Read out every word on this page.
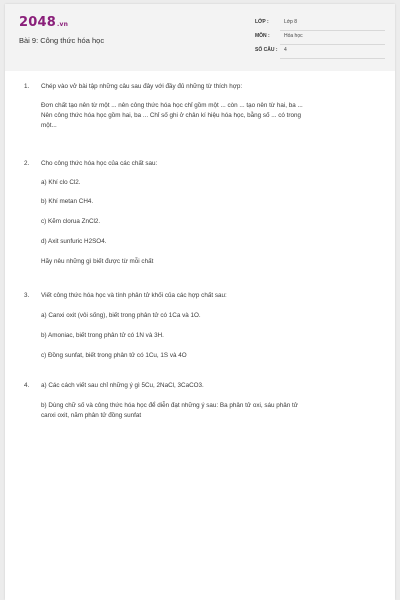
2048.vn
Bài 9: Công thức hóa học
LỚP :	Lớp 8
MÔN :	Hóa học
SỐ CÂU : 4
1. Chép vào vở bài tập những câu sau đây với đầy đủ những từ thích hợp:
Đơn chất tạo nên từ một ... nên công thức hóa học chỉ gồm một ... còn ... tạo nên từ hai, ba ...
Nên công thức hóa học gồm hai, ba ... Chỉ số ghi ở chân kí hiệu hóa học, bằng số ... có trong
một...
2. Cho công thức hóa học của các chất sau:
a) Khí clo Cl2.
b) Khí metan CH4.
c) Kẽm clorua ZnCl2.
d) Axit sunfuric H2SO4.
Hãy nêu những gì biết được từ mỗi chất
3. Viết công thức hóa học và tính phân tử khối của các hợp chất sau:
a) Canxi oxit (vôi sống), biết trong phân tử có 1Ca và 1O.
b) Amoniac, biết trong phân tử có 1N và 3H.
c) Đồng sunfat, biết trong phân tử có 1Cu, 1S và 4O
4. a) Các cách viết sau chỉ những ý gì 5Cu, 2NaCl, 3CaCO3.
b) Dùng chữ số và công thức hóa học để diễn đạt những ý sau: Ba phân tử oxi, sáu phân tử
canxi oxit, năm phân tử đồng sunfat
